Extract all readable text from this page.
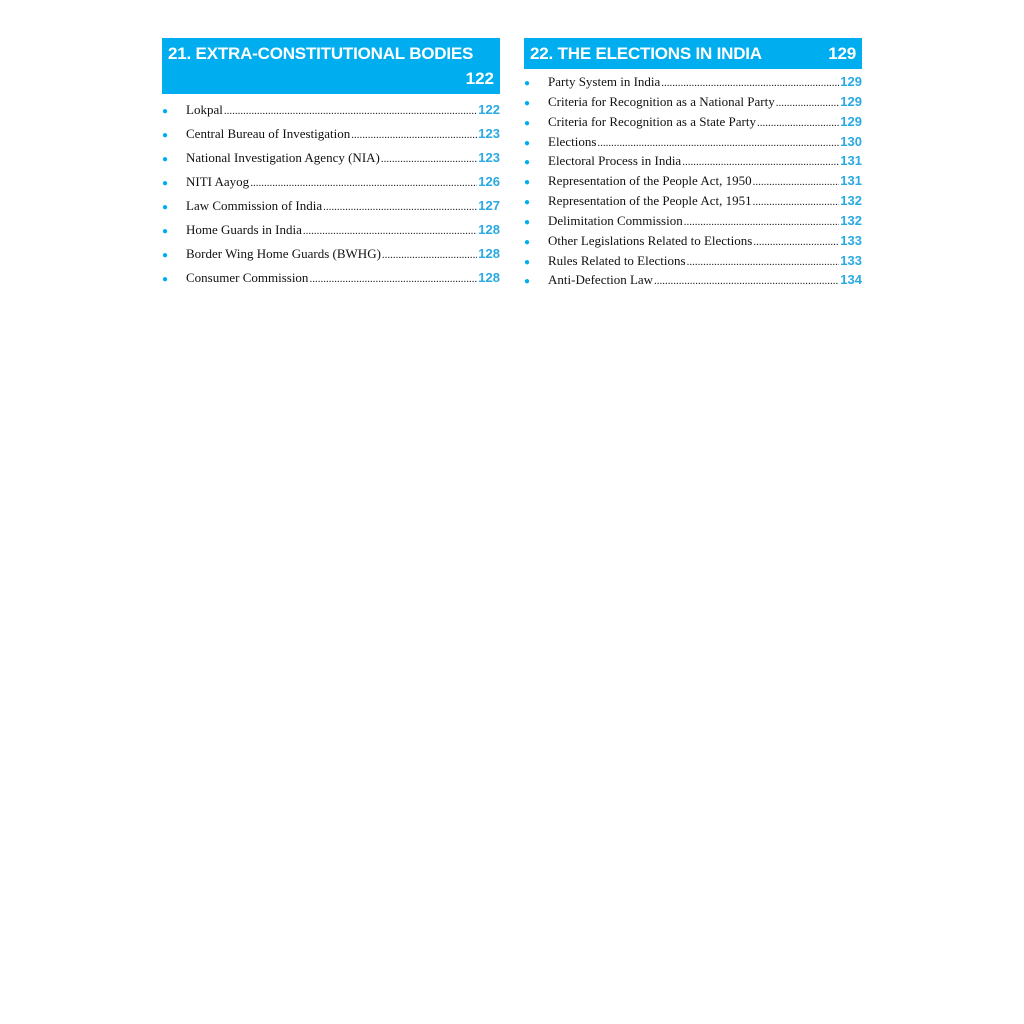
21. EXTRA-CONSTITUTIONAL BODIES
122
●	Lokpal .....	122
●	Central Bureau of Investigation .....	123
●	National Investigation Agency (NIA) .....	123
●	NITI Aayog .....	126
●	Law Commission of India .....	127
●	Home Guards in India .....	128
●	Border Wing Home Guards (BWHG) .....	128
●	Consumer Commission .....	128
22. THE ELECTIONS IN INDIA	129
●	Party System in India .....	129
●	Criteria for Recognition as a National Party .....	129
●	Criteria for Recognition as a State Party .....	129
●	Elections .....	130
●	Electoral Process in India .....	131
●	Representation of the People Act, 1950 .....	131
●	Representation of the People Act, 1951 .....	132
●	Delimitation Commission .....	132
●	Other Legislations Related to Elections .....	133
●	Rules Related to Elections .....	133
●	Anti-Defection Law .....	134
